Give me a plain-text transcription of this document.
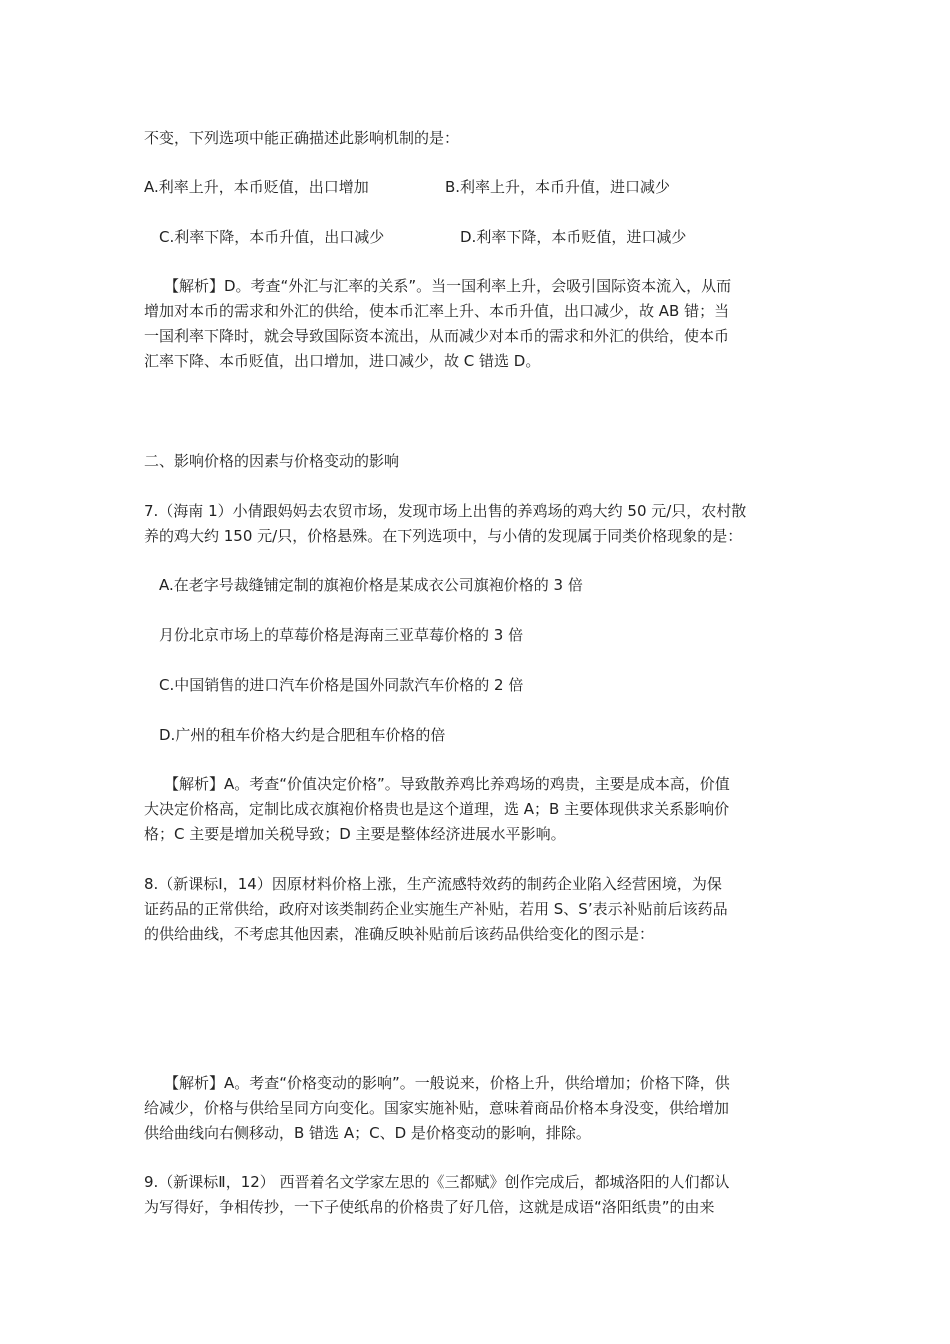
不变，下列选项中能正确描述此影响机制的是：
A.利率上升，本币贬值，出口增加	B.利率上升，本币升值，进口减少
C.利率下降，本币升值，出口减少	D.利率下降，本币贬值，进口减少
【解析】D。考查“外汇与汇率的关系”。当一国利率上升，会吸引国际资本流入，从而
增加对本币的需求和外汇的供给，使本币汇率上升、本币升值，出口减少，故 AB 错；当
一国利率下降时，就会导致国际资本流出，从而减少对本币的需求和外汇的供给，使本币
汇率下降、本币贬值，出口增加，进口减少，故 C 错选 D。
二、影响价格的因素与价格变动的影响
7.（海南 1）小倩跟妈妈去农贸市场，发现市场上出售的养鸡场的鸡大约 50 元/只，农村散
养的鸡大约 150 元/只，价格悬殊。在下列选项中，与小倩的发现属于同类价格现象的是：
A.在老字号裁缝铺定制的旗袍价格是某成衣公司旗袍价格的 3 倍
月份北京市场上的草莓价格是海南三亚草莓价格的 3 倍
C.中国销售的进口汽车价格是国外同款汽车价格的 2 倍
D.广州的租车价格大约是合肥租车价格的倍
【解析】A。考查“价值决定价格”。导致散养鸡比养鸡场的鸡贵，主要是成本高，价值
大决定价格高，定制比成衣旗袍价格贵也是这个道理，选 A；B 主要体现供求关系影响价
格；C 主要是增加关税导致；D 主要是整体经济进展水平影响。
8.（新课标Ⅰ，14）因原材料价格上涨，生产流感特效药的制药企业陷入经营困境，为保
证药品的正常供给，政府对该类制药企业实施生产补贴，若用 S、S’表示补贴前后该药品
的供给曲线，不考虑其他因素，准确反映补贴前后该药品供给变化的图示是：
【解析】A。考查“价格变动的影响”。一般说来，价格上升，供给增加；价格下降，供
给减少，价格与供给呈同方向变化。国家实施补贴，意味着商品价格本身没变，供给增加
供给曲线向右侧移动，B 错选 A；C、D 是价格变动的影响，排除。
9.（新课标Ⅱ，12） 西晋着名文学家左思的《三都赋》创作完成后，都城洛阳的人们都认
为写得好，争相传抄，一下子使纸帛的价格贵了好几倍，这就是成语“洛阳纸贵”的由来
